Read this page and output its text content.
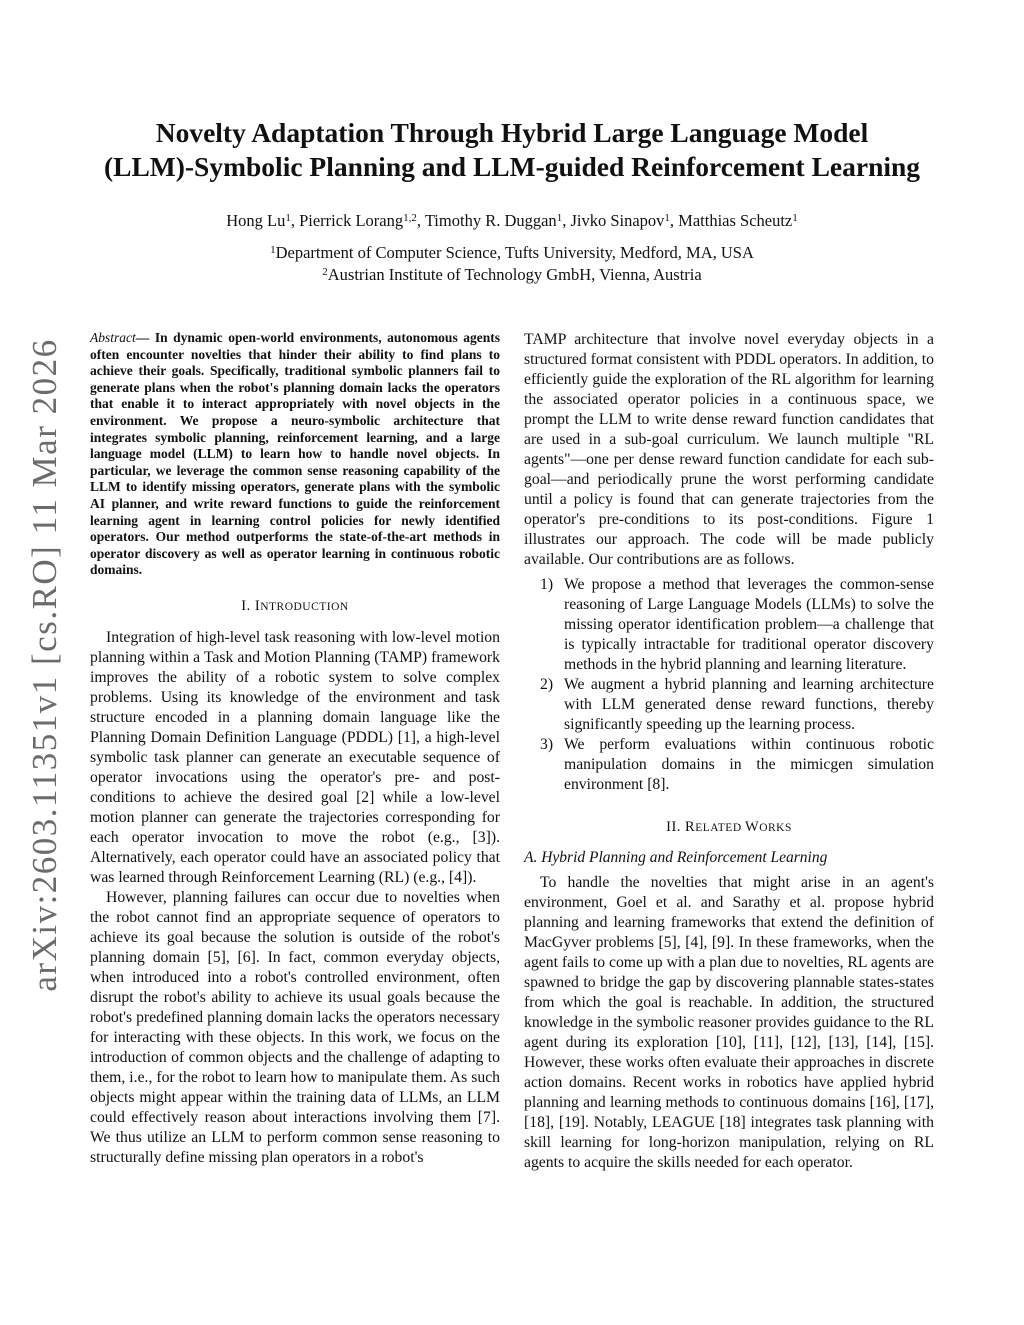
arXiv:2603.11351v1 [cs.RO] 11 Mar 2026
Novelty Adaptation Through Hybrid Large Language Model
(LLM)-Symbolic Planning and LLM-guided Reinforcement Learning
Hong Lu$^1$, Pierrick Lorang$^{1,2}$, Timothy R. Duggan$^1$, Jivko Sinapov$^1$, Matthias Scheutz$^1$
$^1$Department of Computer Science, Tufts University, Medford, MA, USA
$^2$Austrian Institute of Technology GmbH, Vienna, Austria

Abstract— In dynamic open-world environments, autonomous agents often encounter novelties that hinder their ability to find plans to achieve their goals. Specifically, traditional symbolic planners fail to generate plans when the robot's planning domain lacks the operators that enable it to interact appropriately with novel objects in the environment. We propose a neuro-symbolic architecture that integrates symbolic planning, reinforcement learning, and a large language model (LLM) to learn how to handle novel objects. In particular, we leverage the common sense reasoning capability of the LLM to identify missing operators, generate plans with the symbolic AI planner, and write reward functions to guide the reinforcement learning agent in learning control policies for newly identified operators. Our method outperforms the state-of-the-art methods in operator discovery as well as operator learning in continuous robotic domains.

I. INTRODUCTION

Integration of high-level task reasoning with low-level motion planning within a Task and Motion Planning (TAMP) framework improves the ability of a robotic system to solve complex problems. Using its knowledge of the environment and task structure encoded in a planning domain language like the Planning Domain Definition Language (PDDL) [1], a high-level symbolic task planner can generate an executable sequence of operator invocations using the operator's pre- and post-conditions to achieve the desired goal [2] while a low-level motion planner can generate the trajectories corresponding for each operator invocation to move the robot (e.g., [3]). Alternatively, each operator could have an associated policy that was learned through Reinforcement Learning (RL) (e.g., [4]).

However, planning failures can occur due to novelties when the robot cannot find an appropriate sequence of operators to achieve its goal because the solution is outside of the robot's planning domain [5], [6]. In fact, common everyday objects, when introduced into a robot's controlled environment, often disrupt the robot's ability to achieve its usual goals because the robot's predefined planning domain lacks the operators necessary for interacting with these objects. In this work, we focus on the introduction of common objects and the challenge of adapting to them, i.e., for the robot to learn how to manipulate them. As such objects might appear within the training data of LLMs, an LLM could effectively reason about interactions involving them [7]. We thus utilize an LLM to perform common sense reasoning to structurally define missing plan operators in a robot's

TAMP architecture that involve novel everyday objects in a structured format consistent with PDDL operators. In addition, to efficiently guide the exploration of the RL algorithm for learning the associated operator policies in a continuous space, we prompt the LLM to write dense reward function candidates that are used in a sub-goal curriculum. We launch multiple "RL agents"—one per dense reward function candidate for each sub-goal—and periodically prune the worst performing candidate until a policy is found that can generate trajectories from the operator's pre-conditions to its post-conditions. Figure 1 illustrates our approach. The code will be made publicly available. Our contributions are as follows.

1) We propose a method that leverages the common-sense reasoning of Large Language Models (LLMs) to solve the missing operator identification problem—a challenge that is typically intractable for traditional operator discovery methods in the hybrid planning and learning literature.
2) We augment a hybrid planning and learning architecture with LLM generated dense reward functions, thereby significantly speeding up the learning process.
3) We perform evaluations within continuous robotic manipulation domains in the mimicgen simulation environment [8].
II. RELATED WORKS
A. Hybrid Planning and Reinforcement Learning

To handle the novelties that might arise in an agent's environment, Goel et al. and Sarathy et al. propose hybrid planning and learning frameworks that extend the definition of MacGyver problems [5], [4], [9]. In these frameworks, when the agent fails to come up with a plan due to novelties, RL agents are spawned to bridge the gap by discovering plannable states-states from which the goal is reachable. In addition, the structured knowledge in the symbolic reasoner provides guidance to the RL agent during its exploration [10], [11], [12], [13], [14], [15]. However, these works often evaluate their approaches in discrete action domains. Recent works in robotics have applied hybrid planning and learning methods to continuous domains [16], [17], [18], [19]. Notably, LEAGUE [18] integrates task planning with skill learning for long-horizon manipulation, relying on RL agents to acquire the skills needed for each operator.
